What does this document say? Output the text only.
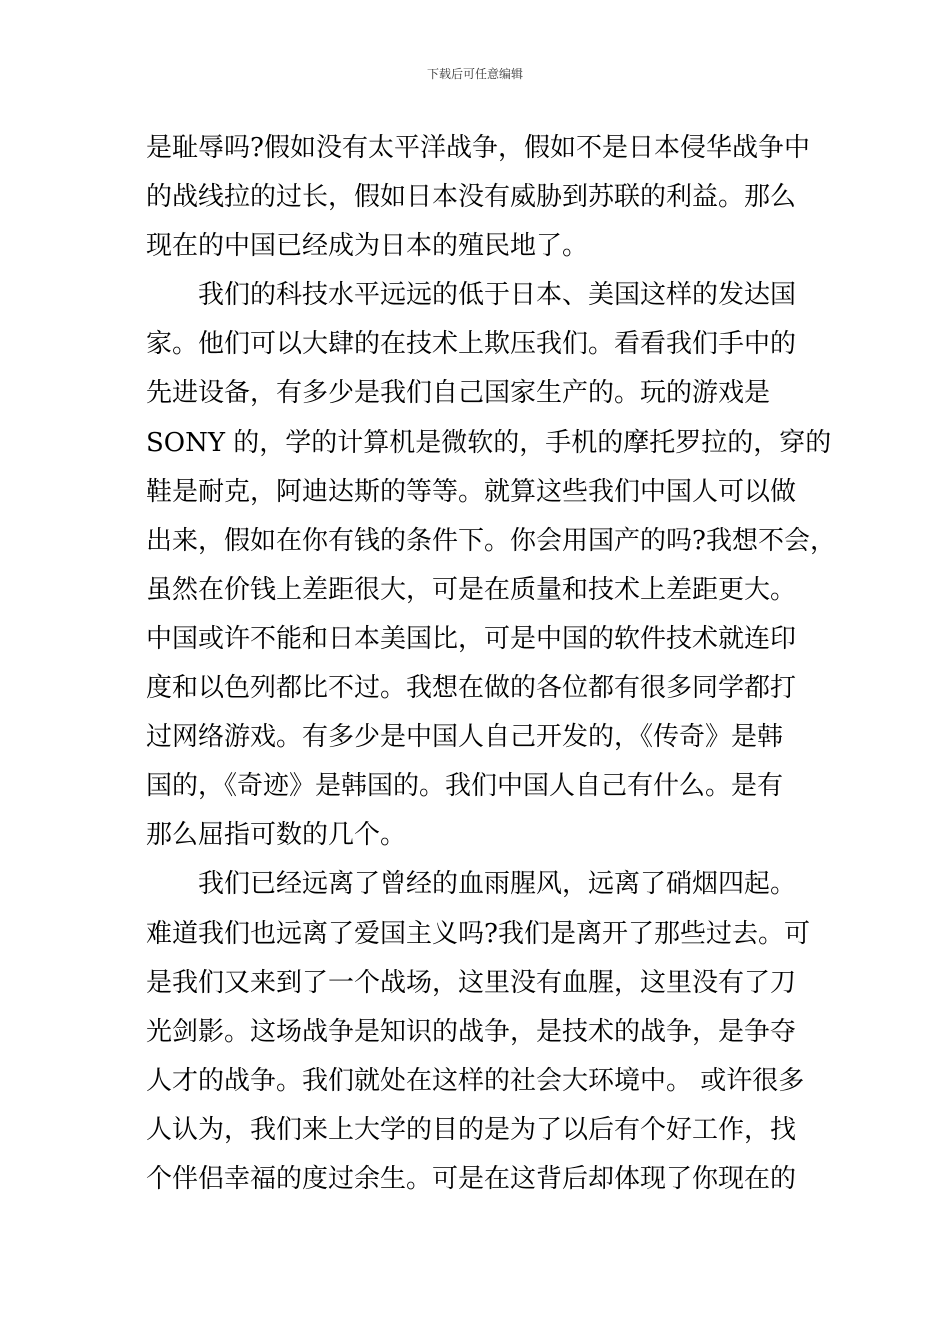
下载后可任意编辑
是耻辱吗?假如没有太平洋战争，假如不是日本侵华战争中
的战线拉的过长，假如日本没有威胁到苏联的利益。那么
现在的中国已经成为日本的殖民地了。
我们的科技水平远远的低于日本、美国这样的发达国
家。他们可以大肆的在技术上欺压我们。看看我们手中的
先进设备，有多少是我们自己国家生产的。玩的游戏是
SONY 的，学的计算机是微软的，手机的摩托罗拉的，穿的
鞋是耐克，阿迪达斯的等等。就算这些我们中国人可以做
出来，假如在你有钱的条件下。你会用国产的吗?我想不会，
虽然在价钱上差距很大，可是在质量和技术上差距更大。
中国或许不能和日本美国比，可是中国的软件技术就连印
度和以色列都比不过。我想在做的各位都有很多同学都打
过网络游戏。有多少是中国人自己开发的，《传奇》是韩
国的，《奇迹》是韩国的。我们中国人自己有什么。是有
那么屈指可数的几个。
我们已经远离了曾经的血雨腥风，远离了硝烟四起。
难道我们也远离了爱国主义吗?我们是离开了那些过去。可
是我们又来到了一个战场，这里没有血腥，这里没有了刀
光剑影。这场战争是知识的战争，是技术的战争，是争夺
人才的战争。我们就处在这样的社会大环境中。 或许很多
人认为，我们来上大学的目的是为了以后有个好工作，找
个伴侣幸福的度过余生。可是在这背后却体现了你现在的
